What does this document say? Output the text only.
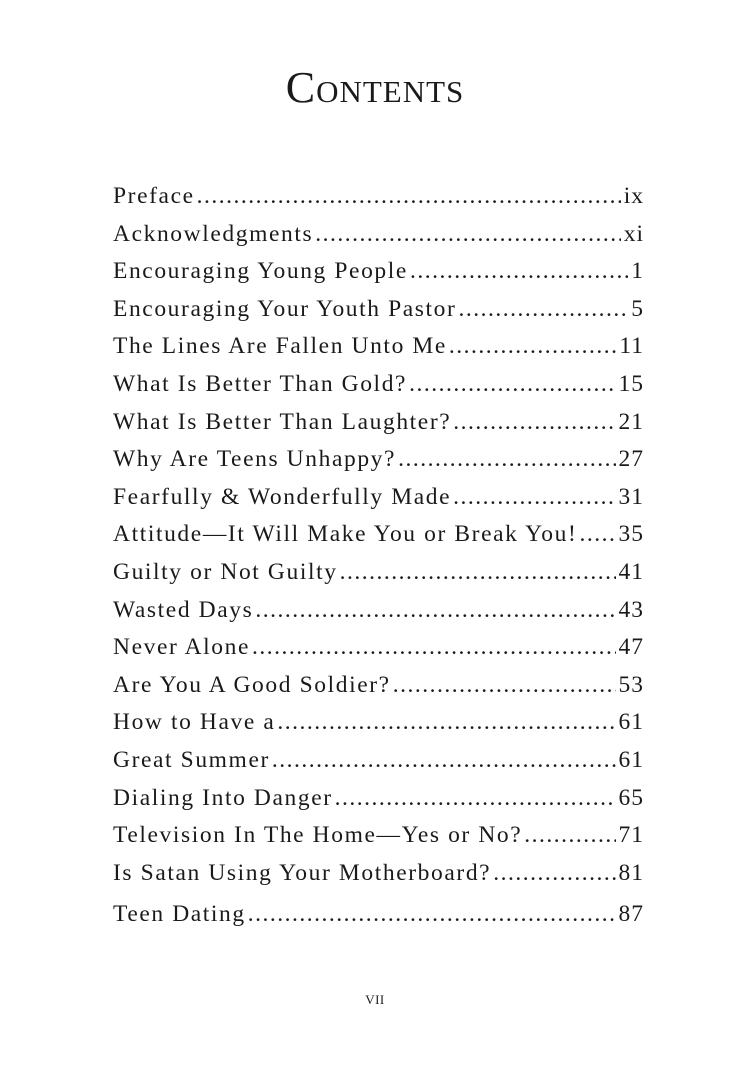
Contents
Preface .....	ix
Acknowledgments .....	xi
Encouraging Young People .....	1
Encouraging Your Youth Pastor .....	5
The Lines Are Fallen Unto Me .....	11
What Is Better Than Gold? .....	15
What Is Better Than Laughter? .....	21
Why Are Teens Unhappy? .....	27
Fearfully & Wonderfully Made .....	31
Attitude—It Will Make You or Break You! ..... 35
Guilty or Not Guilty .....	41
Wasted Days .....	43
Never Alone .....	47
Are You A Good Soldier? .....	53
How to Have a .....	61
Great Summer .....	61
Dialing Into Danger .....	65
Television In The Home—Yes or No? .....	71
Is Satan Using Your Motherboard? .....	81
Teen Dating .....	87
VII
